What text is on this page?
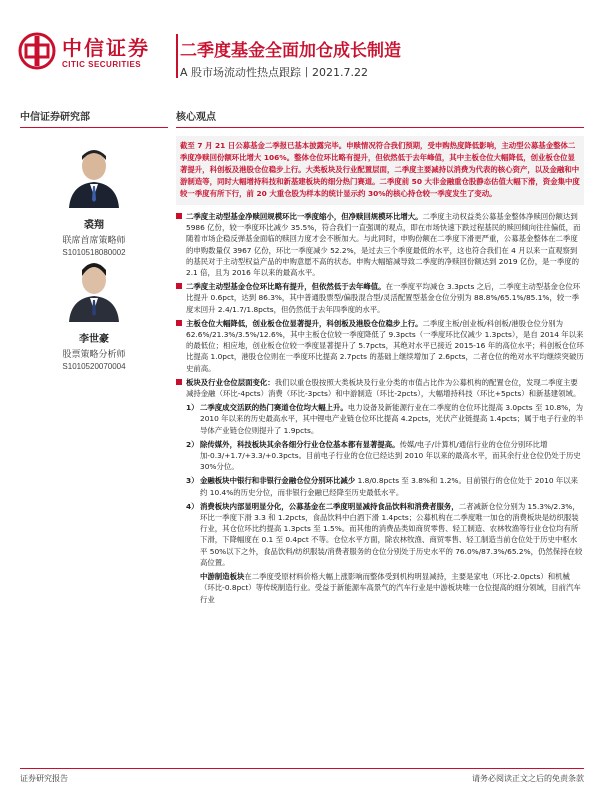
中信证券
CITIC SECURITIES
二季度基金全面加仓成长制造
A 股市场流动性热点跟踪丨2021.7.22
中信证券研究部
裘翔
联席首席策略师
S1010518080002
李世豪
股票策略分析师
S1010520070004
核心观点
截至 7 月 21 日公募基金二季报已基本披露完毕。申赎情况符合我们预期，受申购热度降低影响，主动型公募基金整体二季度净赎回份额环比增大 106%。整体仓位环比略有提升，但依然低于去年峰值，其中主板仓位大幅降低，创业板仓位显著提升，科创板及港股仓位稳步上行。大类板块及行业配置层面，二季度主要减持以消费为代表的核心资产，以及金融和中游制造等，同时大幅增持科技和新基建板块的细分热门赛道。二季度前 50 大非金融重仓股静态估值大幅下滑，资金集中度较一季度有所下行，前 20 大重仓股为样本的统计显示约 30%的核心持仓较一季度发生了变动。
二季度主动型基金净赎回规模环比一季度缩小，但净赎回规模环比增大。二季度主动权益类公募基金整体净赎回份额达到 5986 亿份，较一季度环比减少 35.5%，符合我们一直强调的观点，即在市场快速下跌过程基民的赎回倾向往往偏低，而随着市场企稳反弹基金面临的赎回力度才会不断加大。与此同时，申购份额在二季度下滑更严重，公募基金整体在二季度的申购数量仅 3967 亿份，环比一季度减少 52.2%，是过去三个季度最低的水平，这也符合我们在 4 月以来一直观察到的基民对于主动型权益产品的申购意愿不高的状态。申购大幅缩减导致二季度的净赎回份额达到 2019 亿份，是一季度的 2.1 倍，且为 2016 年以来的最高水平。
二季度主动型基金仓位环比略有提升，但依然低于去年峰值。在一季度平均减仓 3.3pcts 之后，二季度主动型基金仓位环比提升 0.6pct，达到 86.3%，其中普通股票型/偏股混合型/灵活配置型基金仓位分别为 88.8%/65.1%/85.1%，较一季度末回升 2.4/1.7/1.8pcts，但仍然低于去年四季度的水平。
主板仓位大幅降低，创业板仓位显著提升，科创板及港股仓位稳步上行。二季度主板/创业板/科创板/港股仓位分别为 62.6%/21.3%/3.5%/12.6%，其中主板仓位较一季度降低了 9.3pcts（一季度环比仅减少 1.3pcts），是自 2014 年以来的最低位；相应地，创业板仓位较一季度显著提升了 5.7pcts，其绝对水平已接近 2015-16 年的高位水平；科创板仓位环比提高 1.0pct，港股仓位则在一季度环比提高 2.7pcts 的基础上继续增加了 2.6pcts，二者仓位的绝对水平均继续突破历史前高。
板块及行业仓位层面变化：我们以重仓股按照大类板块及行业分类的市值占比作为公募机构的配置仓位，发现二季度主要减持金融（环比-4pcts）消费（环比-3pcts）和中游制造（环比-2pcts），大幅增持科技（环比+5pcts）和新基建领域。
1） 二季度成交活跃的热门赛道仓位均大幅上升。电力设备及新能源行业在二季度的仓位环比提高 3.0pcts 至 10.8%，为 2010 年以来的历史最高水平，其中锂电产业链仓位环比提高 4.2pcts，光伏产业链提高 1.4pcts；属于电子行业的半导体产业链仓位则提升了 1.9pcts。
2） 除传媒外，科技板块其余各细分行业仓位基本都有显著提高。传媒/电子/计算机/通信行业的仓位分别环比增加-0.3/+1.7/+3.3/+0.3pcts。目前电子行业的仓位已经达到 2010 年以来的最高水平，而其余行业仓位仍处于历史 30%分位。
3） 金融板块中银行和非银行金融仓位分别环比减少 1.8/0.8pcts 至 3.8%和 1.2%。目前银行的仓位处于 2010 年以来约 10.4%的历史分位，而非银行金融已经降至历史最低水平。
4） 消费板块内部显明显分化，公募基金在二季度明显减持食品饮料和消费者服务，二者减新仓位分别为 15.3%/2.3%，环比一季度下滑 3.3 和 1.2pcts，食品饮料中白酒下滑 1.4pcts；公募机构在二季度唯一加仓的消费板块是纺织服装行业，其仓位环比约提高 1.3pcts 至 1.5%。而其他的消费品类如商贸零售、轻工制造、农林牧渔等行业仓位均有所下滑，下降幅度在 0.1 至 0.4pct 不等。仓位水平方面，除农林牧渔、商贸零售、轻工制造当前仓位处于历史中枢水平 50%以下之外，食品饮料/纺织服装/消费者服务的仓位分别处于历史水平的 76.0%/87.3%/65.2%，仍然保持在较高位置。
中游制造板块在二季度受原材料价格大幅上涨影响而整体受到机构明显减持，主要是家电（环比-2.0pcts）和机械（环比-0.8pct）等传统制造行业。受益于新能源车高景气的汽车行业是中游板块唯一仓位提高的细分领域，目前汽车行业
证券研究报告	请务必阅读正文之后的免责条款
